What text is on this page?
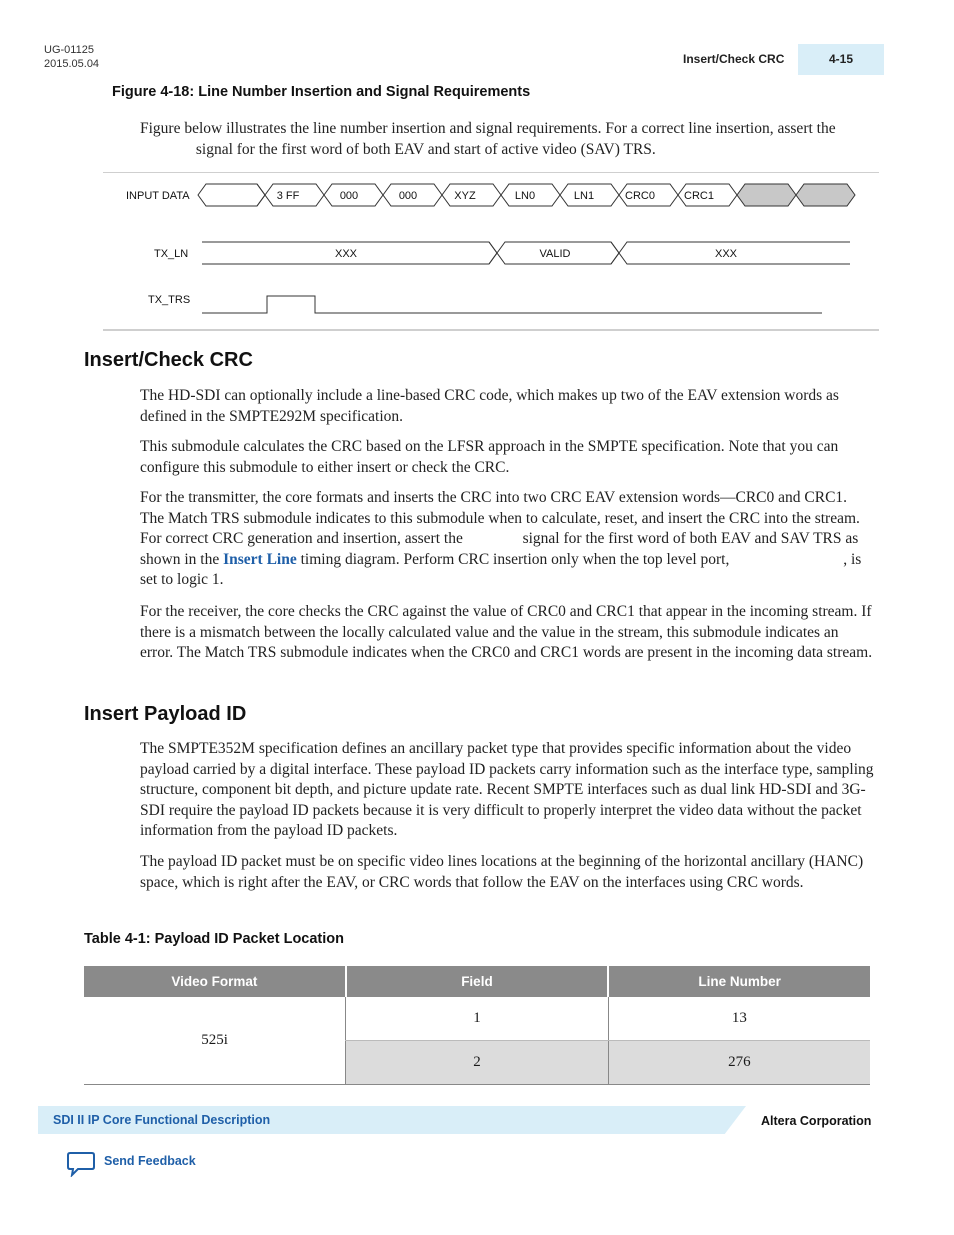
UG-01125
2015.05.04	Insert/Check CRC	4-15
Figure 4-18: Line Number Insertion and Signal Requirements
Figure below illustrates the line number insertion and signal requirements. For a correct line insertion, assert the  signal for the first word of both EAV and start of active video (SAV) TRS.
INPUT DATA	3 FF	000	000	XYZ	LN0	LN1	CRC0	CRC1
TX_LN	XXX	VALID	XXX
TX_TRS
Insert/Check CRC
The HD-SDI can optionally include a line-based CRC code, which makes up two of the EAV extension words as defined in the SMPTE292M specification.
This submodule calculates the CRC based on the LFSR approach in the SMPTE specification. Note that you can configure this submodule to either insert or check the CRC.
For the transmitter, the core formats and inserts the CRC into two CRC EAV extension words—CRC0 and CRC1. The Match TRS submodule indicates to this submodule when to calculate, reset, and insert the CRC into the stream. For correct CRC generation and insertion, assert the	signal for the first word of both EAV and SAV TRS as shown in the Insert Line timing diagram. Perform CRC insertion only when the top level port,	, is set to logic 1.
For the receiver, the core checks the CRC against the value of CRC0 and CRC1 that appear in the incoming stream. If there is a mismatch between the locally calculated value and the value in the stream, this submodule indicates an error. The Match TRS submodule indicates when the CRC0 and CRC1 words are present in the incoming data stream.
Insert Payload ID
The SMPTE352M specification defines an ancillary packet type that provides specific information about the video payload carried by a digital interface. These payload ID packets carry information such as the interface type, sampling structure, component bit depth, and picture update rate. Recent SMPTE interfaces such as dual link HD-SDI and 3G-SDI require the payload ID packets because it is very difficult to properly interpret the video data without the packet information from the payload ID packets.
The payload ID packet must be on specific video lines locations at the beginning of the horizontal ancillary (HANC) space, which is right after the EAV, or CRC words that follow the EAV on the interfaces using CRC words.
Table 4-1: Payload ID Packet Location
Video Format	Field	Line Number
525i	1	13
	2	276
SDI II IP Core Functional Description	Altera Corporation
Send Feedback
